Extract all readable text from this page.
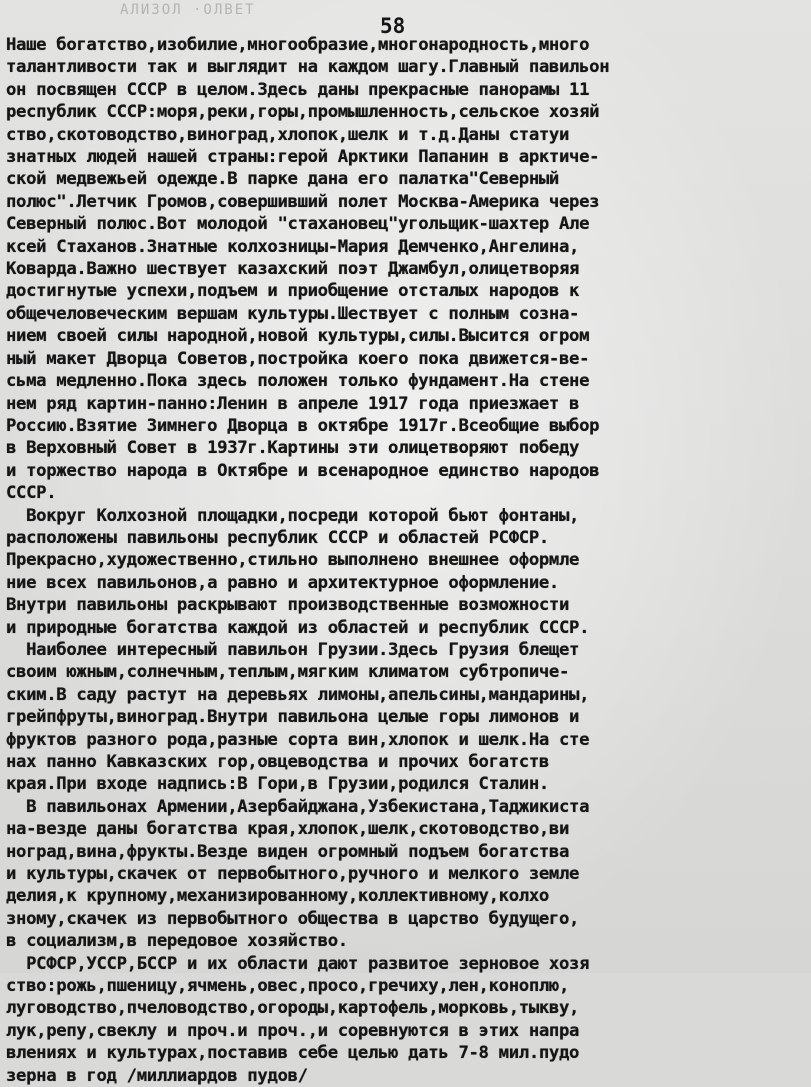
АЛИЗОЛ ·ОЛВЕТ
58
Наше богатство,изобилие,многообразие,многонародность,много
талантливости так и выглядит на каждом шагу.Главный павильон
он посвящен СССР в целом.Здесь даны прекрасные панорамы 11
республик СССР:моря,реки,горы,промышленность,сельское хозяй
ство,скотоводство,виноград,хлопок,шелк и т.д.Даны статуи
знатных людей нашей страны:герой Арктики Папанин в арктиче-
ской медвежьей одежде.В парке дана его палатка"Северный
полюс".Летчик Громов,совершивший полет Москва-Америка через
Северный полюс.Вот молодой "стахановец"угольщик-шахтер Але
ксей Стаханов.Знатные колхозницы-Мария Демченко,Ангелина,
Коварда.Важно шествует казахский поэт Джамбул,олицетворяя
достигнутые успехи,подъем и приобщение отсталых народов к
общечеловеческим вершам культуры.Шествует с полным созна-
нием своей силы народной,новой культуры,силы.Высится огром
ный макет Дворца Советов,постройка коего пока движется-ве-
сьма медленно.Пока здесь положен только фундамент.На стене
нем ряд картин-панно:Ленин в апреле 1917 года приезжает в
Россию.Взятие Зимнего Дворца в октябре 1917г.Всеобщие выбор
в Верховный Совет в 1937г.Картины эти олицетворяют победу
и торжество народа в Октябре и всенародное единство народов
СССР.
Вокруг Колхозной площадки,посреди которой бьют фонтаны,
расположены павильоны республик СССР и областей РСФСР.
Прекрасно,художественно,стильно выполнено внешнее оформле
ние всех павильонов,а равно и архитектурное оформление.
Внутри павильоны раскрывают производственные возможности
и природные богатства каждой из областей и республик СССР.
Наиболее интересный павильон Грузии.Здесь Грузия блещет
своим южным,солнечным,теплым,мягким климатом субтропиче-
ским.В саду растут на деревьях лимоны,апельсины,мандарины,
грейпфруты,виноград.Внутри павильона целые горы лимонов и
фруктов разного рода,разные сорта вин,хлопок и шелк.На сте
нах панно Кавказских гор,овцеводства и прочих богатств
края.При входе надпись:В Гори,в Грузии,родился Сталин.
В павильонах Армении,Азербайджана,Узбекистана,Таджикиста
на-везде даны богатства края,хлопок,шелк,скотоводство,ви
ноград,вина,фрукты.Везде виден огромный подъем богатства
и культуры,скачек от первобытного,ручного и мелкого земле
делия,к крупному,механизированному,коллективному,колхо
зному,скачек из первобытного общества в царство будущего,
в социализм,в передовое хозяйство.
РСФСР,УССР,БССР и их области дают развитое зерновое хозя
ство:рожь,пшеницу,ячмень,овес,просо,гречиху,лен,коноплю,
луговодство,пчеловодство,огороды,картофель,морковь,тыкву,
лук,репу,свеклу и проч.и проч.,и соревнуются в этих напра
влениях и культурах,поставив себе целью дать 7-8 мил.пудо
зерна в год /миллиардов пудов/
